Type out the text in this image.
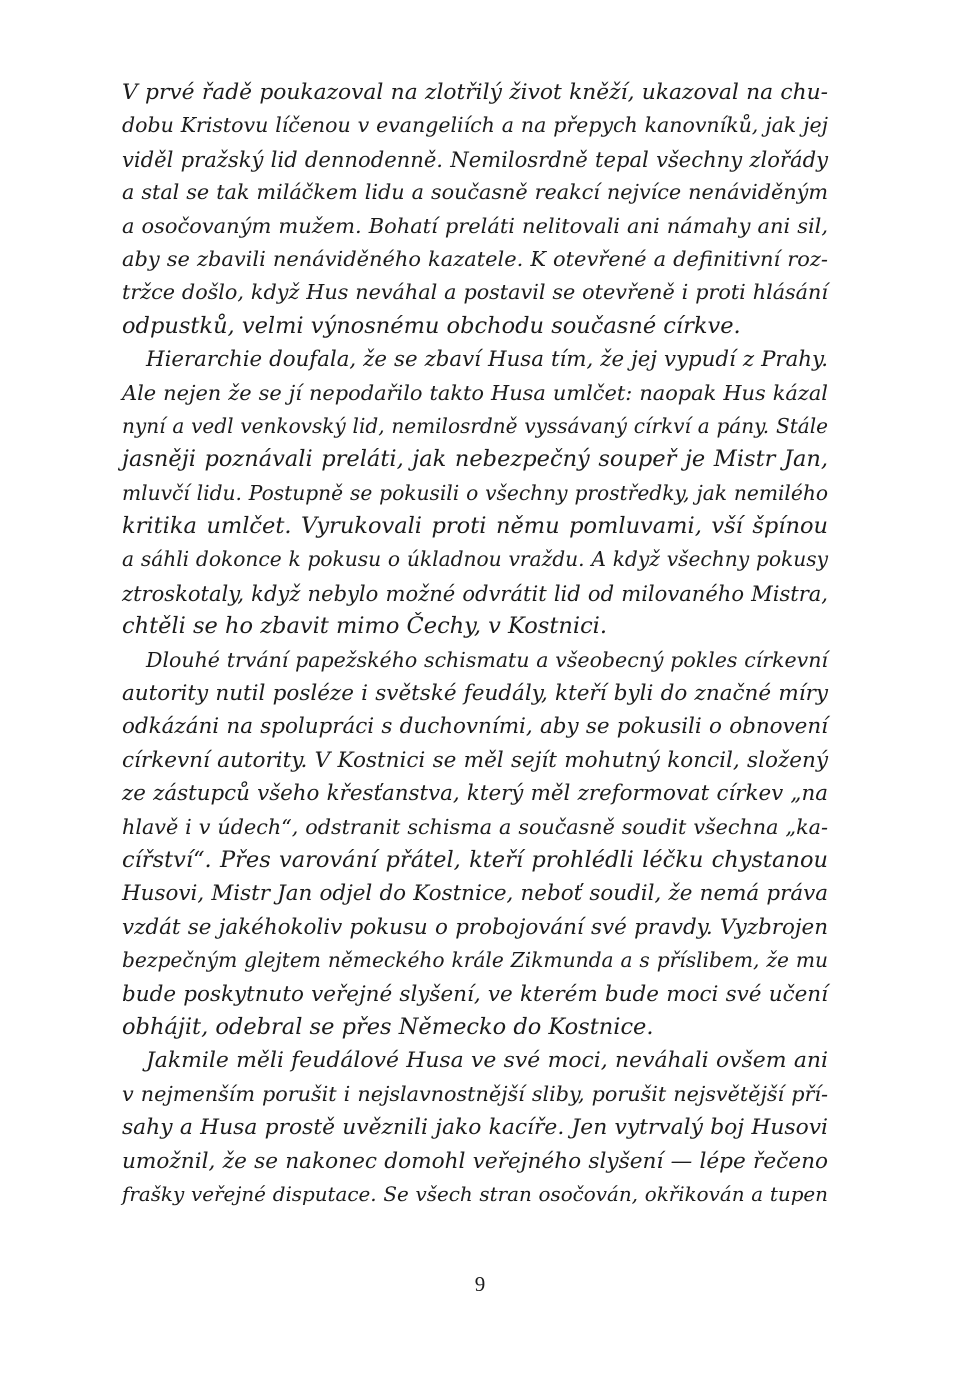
V prvé řadě poukazoval na zlotřilý život kněží, ukazoval na chu-
dobu Kristovu líčenou v evangeliích a na přepych kanovníků, jak jej
viděl pražský lid dennodenně. Nemilosrdně tepal všechny zlořády
a stal se tak miláčkem lidu a současně reakcí nejvíce nenáviděným
a osočovaným mužem. Bohatí preláti nelitovali ani námahy ani sil,
aby se zbavili nenáviděného kazatele. K otevřené a definitivní roz-
tržce došlo, když Hus neváhal a postavil se otevřeně i proti hlásání
odpustků, velmi výnosnému obchodu současné církve.
Hierarchie doufala, že se zbaví Husa tím, že jej vypudí z Prahy.
Ale nejen že se jí nepodařilo takto Husa umlčet: naopak Hus kázal
nyní a vedl venkovský lid, nemilosrdně vyssávaný církví a pány. Stále
jasněji poznávali preláti, jak nebezpečný soupeř je Mistr Jan,
mluvčí lidu. Postupně se pokusili o všechny prostředky, jak nemilého
kritika umlčet. Vyrukovali proti němu pomluvami, vší špínou
a sáhli dokonce k pokusu o úkladnou vraždu. A když všechny pokusy
ztroskotaly, když nebylo možné odvrátit lid od milovaného Mistra,
chtěli se ho zbavit mimo Čechy, v Kostnici.
Dlouhé trvání papežského schismatu a všeobecný pokles církevní
autority nutil posléze i světské feudály, kteří byli do značné míry
odkázáni na spolupráci s duchovními, aby se pokusili o obnovení
církevní autority. V Kostnici se měl sejít mohutný koncil, složený
ze zástupců všeho křesťanstva, který měl zreformovat církev „nа
hlavě i v údech“, odstranit schisma a současně soudit všechna „ka-
cířství“. Přes varování přátel, kteří prohlédli léčku chystanou
Husovi, Mistr Jan odjel do Kostnice, neboť soudil, že nemá práva
vzdát se jakéhokoliv pokusu o probojování své pravdy. Vyzbrojen
bezpečným glejtem německého krále Zikmunda a s příslibem, že mu
bude poskytnuto veřejné slyšení, ve kterém bude moci své učení
obhájit, odebral se přes Německo do Kostnice.
Jakmile měli feudálové Husa ve své moci, neváhali ovšem ani
v nejmenším porušit i nejslavnostnější sliby, porušit nejsvětější pří-
sahy a Husa prostě uvěznili jako kacíře. Jen vytrvalý boj Husovi
umožnil, že se nakonec domohl veřejného slyšení — lépe řečeno
frašky veřejné disputace. Se všech stran osočován, okřikován a tupen
9
